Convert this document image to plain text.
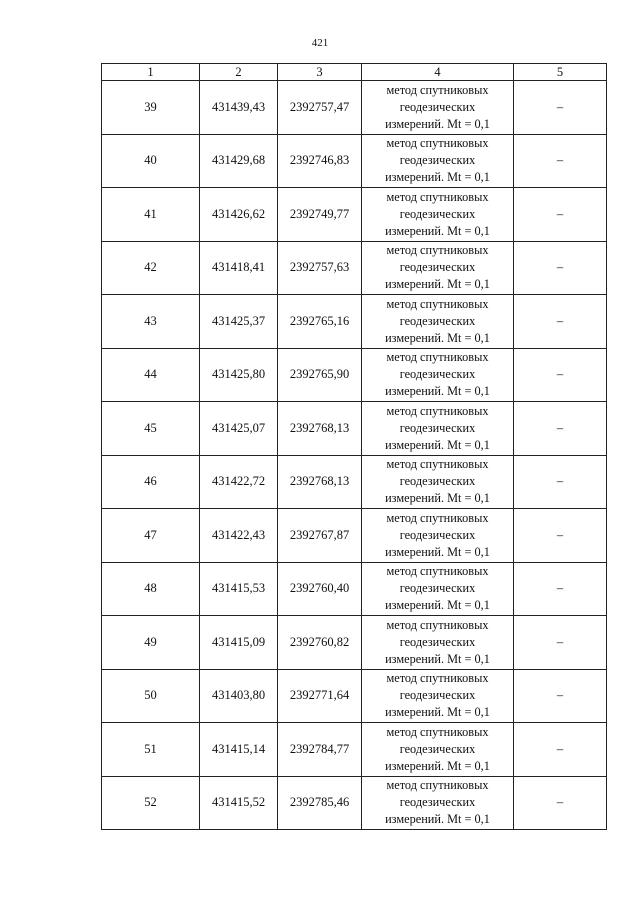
421
1	2	3	4	5
39	431439,43	2392757,47	метод спутниковых
геодезических
измерений. Mt = 0,1	–
40	431429,68	2392746,83	метод спутниковых
геодезических
измерений. Mt = 0,1	–
41	431426,62	2392749,77	метод спутниковых
геодезических
измерений. Mt = 0,1	–
42	431418,41	2392757,63	метод спутниковых
геодезических
измерений. Mt = 0,1	–
43	431425,37	2392765,16	метод спутниковых
геодезических
измерений. Mt = 0,1	–
44	431425,80	2392765,90	метод спутниковых
геодезических
измерений. Mt = 0,1	–
45	431425,07	2392768,13	метод спутниковых
геодезических
измерений. Mt = 0,1	–
46	431422,72	2392768,13	метод спутниковых
геодезических
измерений. Mt = 0,1	–
47	431422,43	2392767,87	метод спутниковых
геодезических
измерений. Mt = 0,1	–
48	431415,53	2392760,40	метод спутниковых
геодезических
измерений. Mt = 0,1	–
49	431415,09	2392760,82	метод спутниковых
геодезических
измерений. Mt = 0,1	–
50	431403,80	2392771,64	метод спутниковых
геодезических
измерений. Mt = 0,1	–
51	431415,14	2392784,77	метод спутниковых
геодезических
измерений. Mt = 0,1	–
52	431415,52	2392785,46	метод спутниковых
геодезических
измерений. Mt = 0,1	–
